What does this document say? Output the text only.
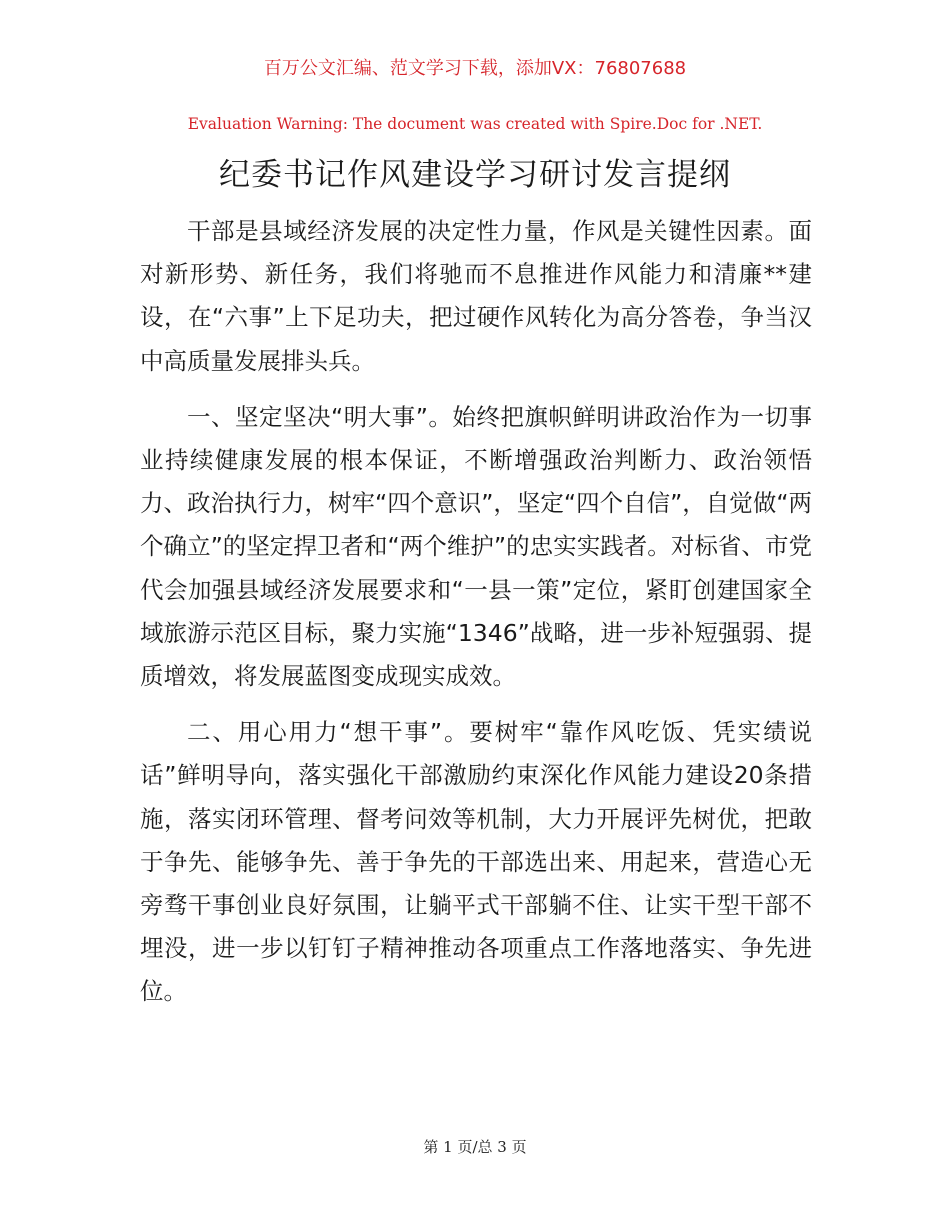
百万公文汇编、范文学习下载，添加VX：76807688
Evaluation Warning: The document was created with Spire.Doc for .NET.
纪委书记作风建设学习研讨发言提纲

干部是县域经济发展的决定性力量，作风是关键性因素。面对新形势、新任务，我们将驰而不息推进作风能力和清廉**建设，在“六事”上下足功夫，把过硬作风转化为高分答卷，争当汉中高质量发展排头兵。

一、坚定坚决“明大事”。始终把旗帜鲜明讲政治作为一切事业持续健康发展的根本保证，不断增强政治判断力、政治领悟力、政治执行力，树牢“四个意识”，坚定“四个自信”，自觉做“两个确立”的坚定捍卫者和“两个维护”的忠实实践者。对标省、市党代会加强县域经济发展要求和“一县一策”定位，紧盯创建国家全域旅游示范区目标，聚力实施“1346”战略，进一步补短强弱、提质增效，将发展蓝图变成现实成效。

二、用心用力“想干事”。要树牢“靠作风吃饭、凭实绩说话”鲜明导向，落实强化干部激励约束深化作风能力建设20条措施，落实闭环管理、督考问效等机制，大力开展评先树优，把敢于争先、能够争先、善于争先的干部选出来、用起来，营造心无旁骛干事创业良好氛围，让躺平式干部躺不住、让实干型干部不埋没，进一步以钉钉子精神推动各项重点工作落地落实、争先进位。

第 1 页/总 3 页
